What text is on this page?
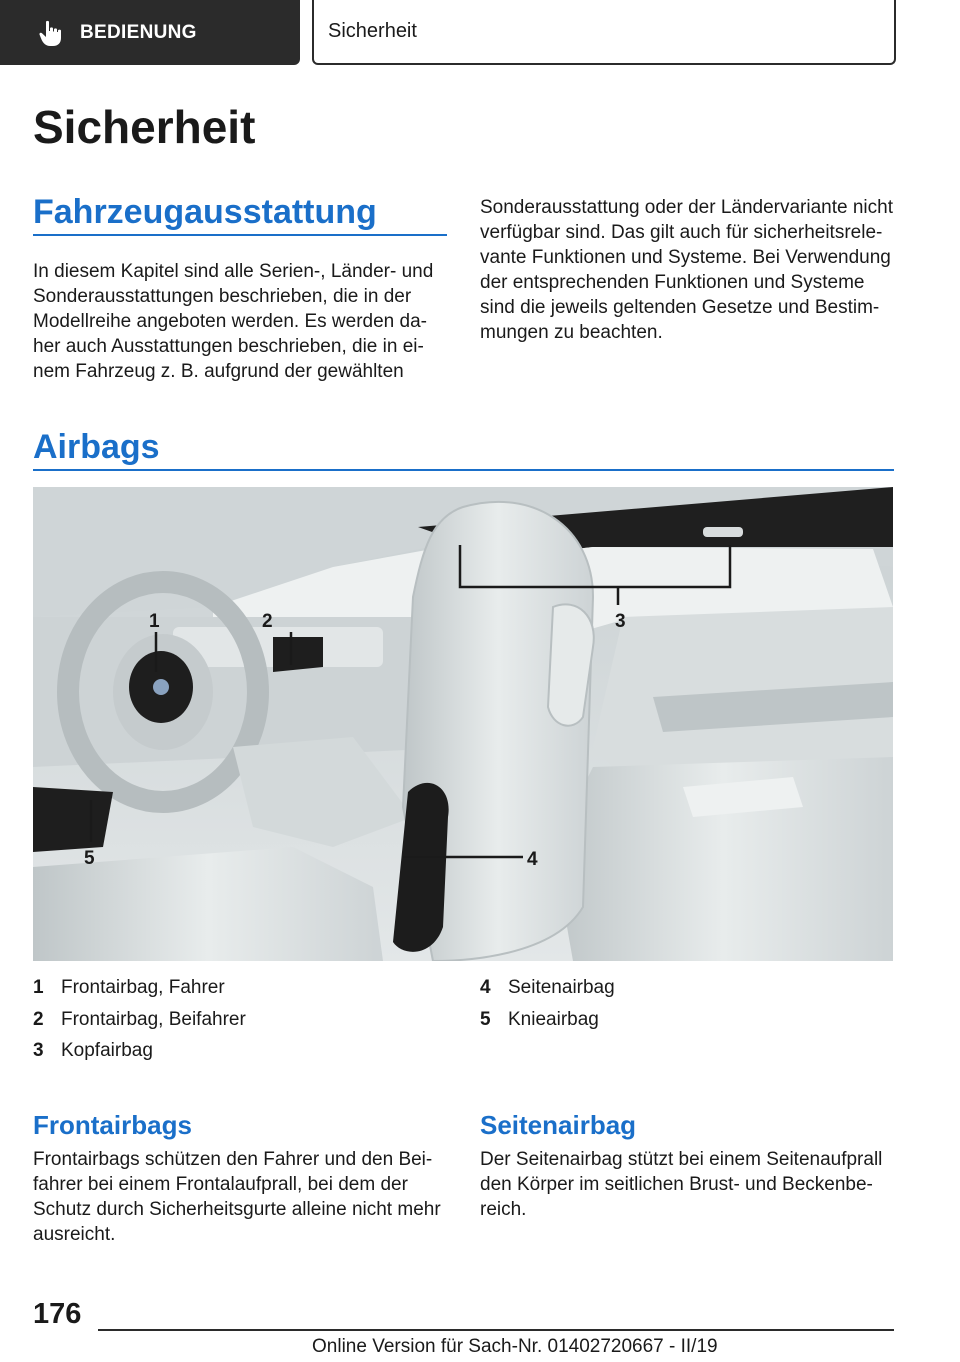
BEDIENUNG	Sicherheit
Sicherheit
Fahrzeugausstattung
In diesem Kapitel sind alle Serien-, Länder- und
Sonderausstattungen beschrieben, die in der
Modellreihe angeboten werden. Es werden da-
her auch Ausstattungen beschrieben, die in ei-
nem Fahrzeug z. B. aufgrund der gewählten
Sonderausstattung oder der Ländervariante nicht
verfügbar sind. Das gilt auch für sicherheitsrele-
vante Funktionen und Systeme. Bei Verwendung
der entsprechenden Funktionen und Systeme
sind die jeweils geltenden Gesetze und Bestim-
mungen zu beachten.
Airbags
1	2	3
4
5
1 Frontairbag, Fahrer
2 Frontairbag, Beifahrer
3 Kopfairbag
4 Seitenairbag
5 Knieairbag
Frontairbags
Frontairbags schützen den Fahrer und den Bei-
fahrer bei einem Frontalaufprall, bei dem der
Schutz durch Sicherheitsgurte alleine nicht mehr
ausreicht.
Seitenairbag
Der Seitenairbag stützt bei einem Seitenaufprall
den Körper im seitlichen Brust- und Beckenbe-
reich.
176
Online Version für Sach-Nr. 01402720667 - II/19
